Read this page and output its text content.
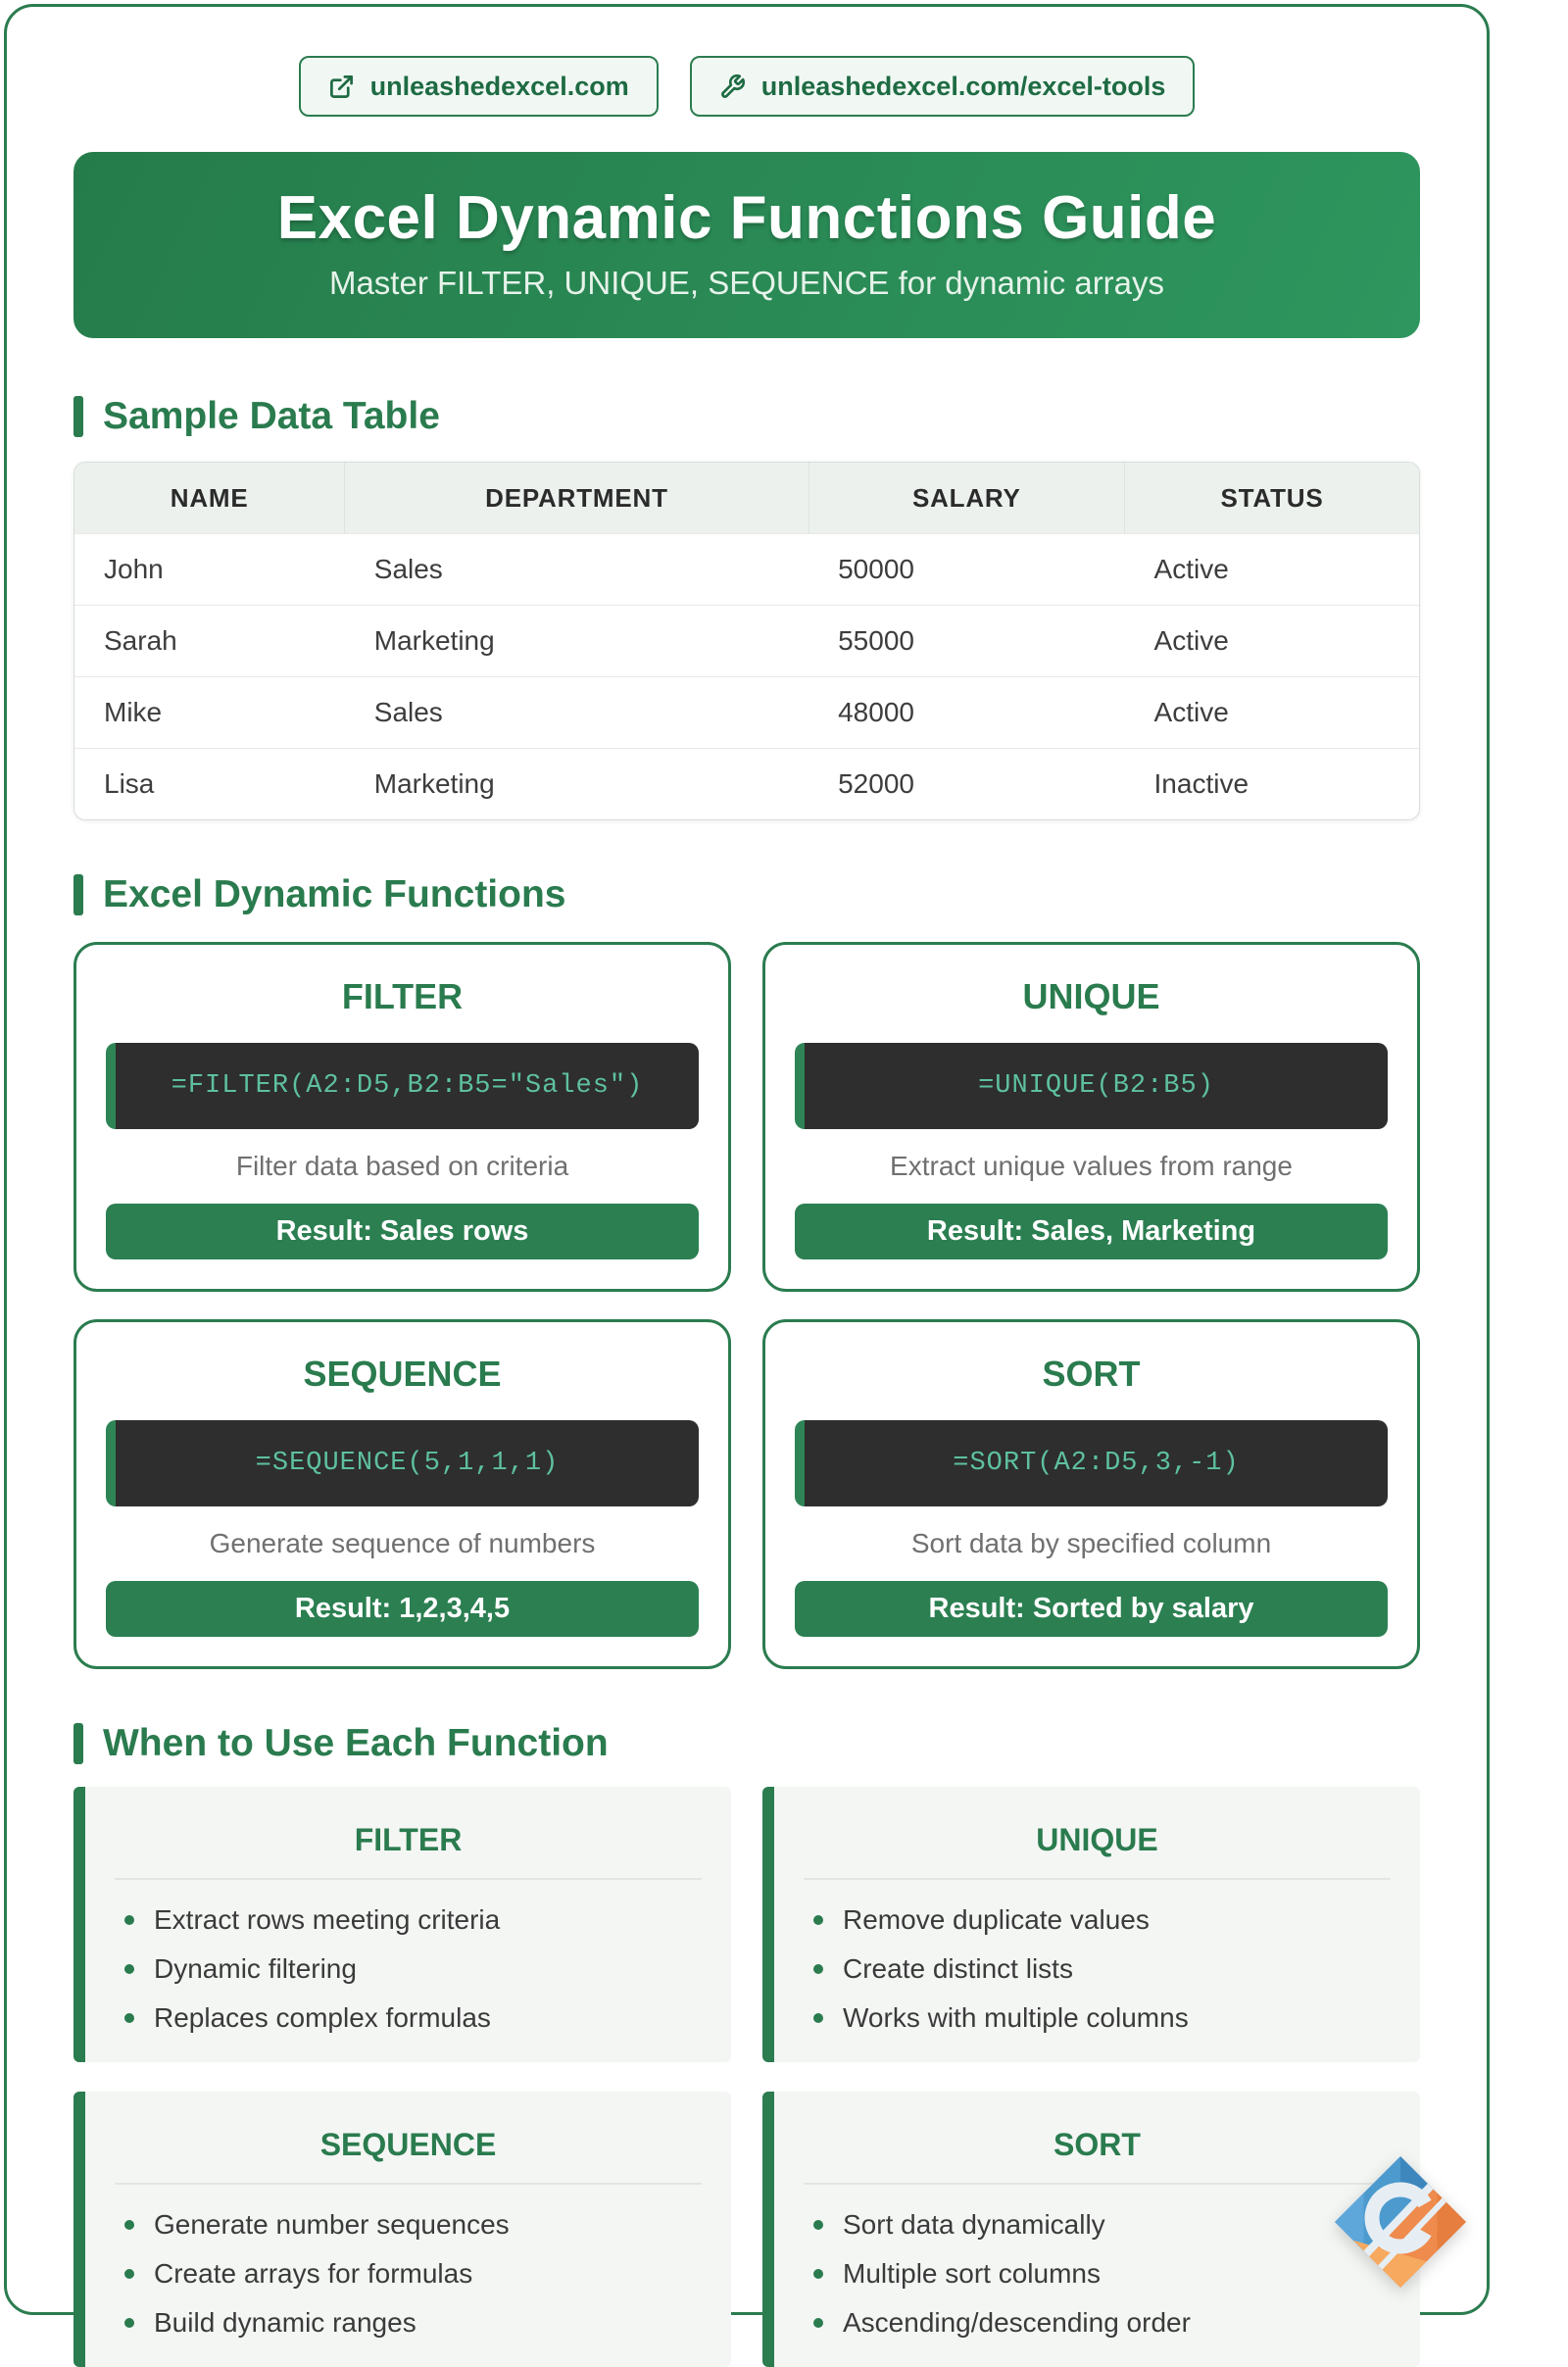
unleashedexcel.com	unleashedexcel.com/excel-tools
Excel Dynamic Functions Guide

Master FILTER, UNIQUE, SEQUENCE for dynamic arrays

Sample Data Table
NAME	DEPARTMENT	SALARY	STATUS
John	Sales	50000	Active
Sarah	Marketing	55000	Active
Mike	Sales	48000	Active
Lisa	Marketing	52000	Inactive
Excel Dynamic Functions
FILTER
=FILTER(A2:D5,B2:B5="Sales")

Filter data based on criteria

Result: Sales rows
UNIQUE
=UNIQUE(B2:B5)

Extract unique values from range

Result: Sales, Marketing
SEQUENCE
=SEQUENCE(5,1,1,1)

Generate sequence of numbers

Result: 1,2,3,4,5
SORT
=SORT(A2:D5,3,-1)

Sort data by specified column

Result: Sorted by salary
When to Use Each Function
FILTER
Extract rows meeting criteria
Dynamic filtering
Replaces complex formulas
UNIQUE
Remove duplicate values
Create distinct lists
Works with multiple columns
SEQUENCE
Generate number sequences
Create arrays for formulas
Build dynamic ranges
SORT
Sort data dynamically
Multiple sort columns
Ascending/descending order
